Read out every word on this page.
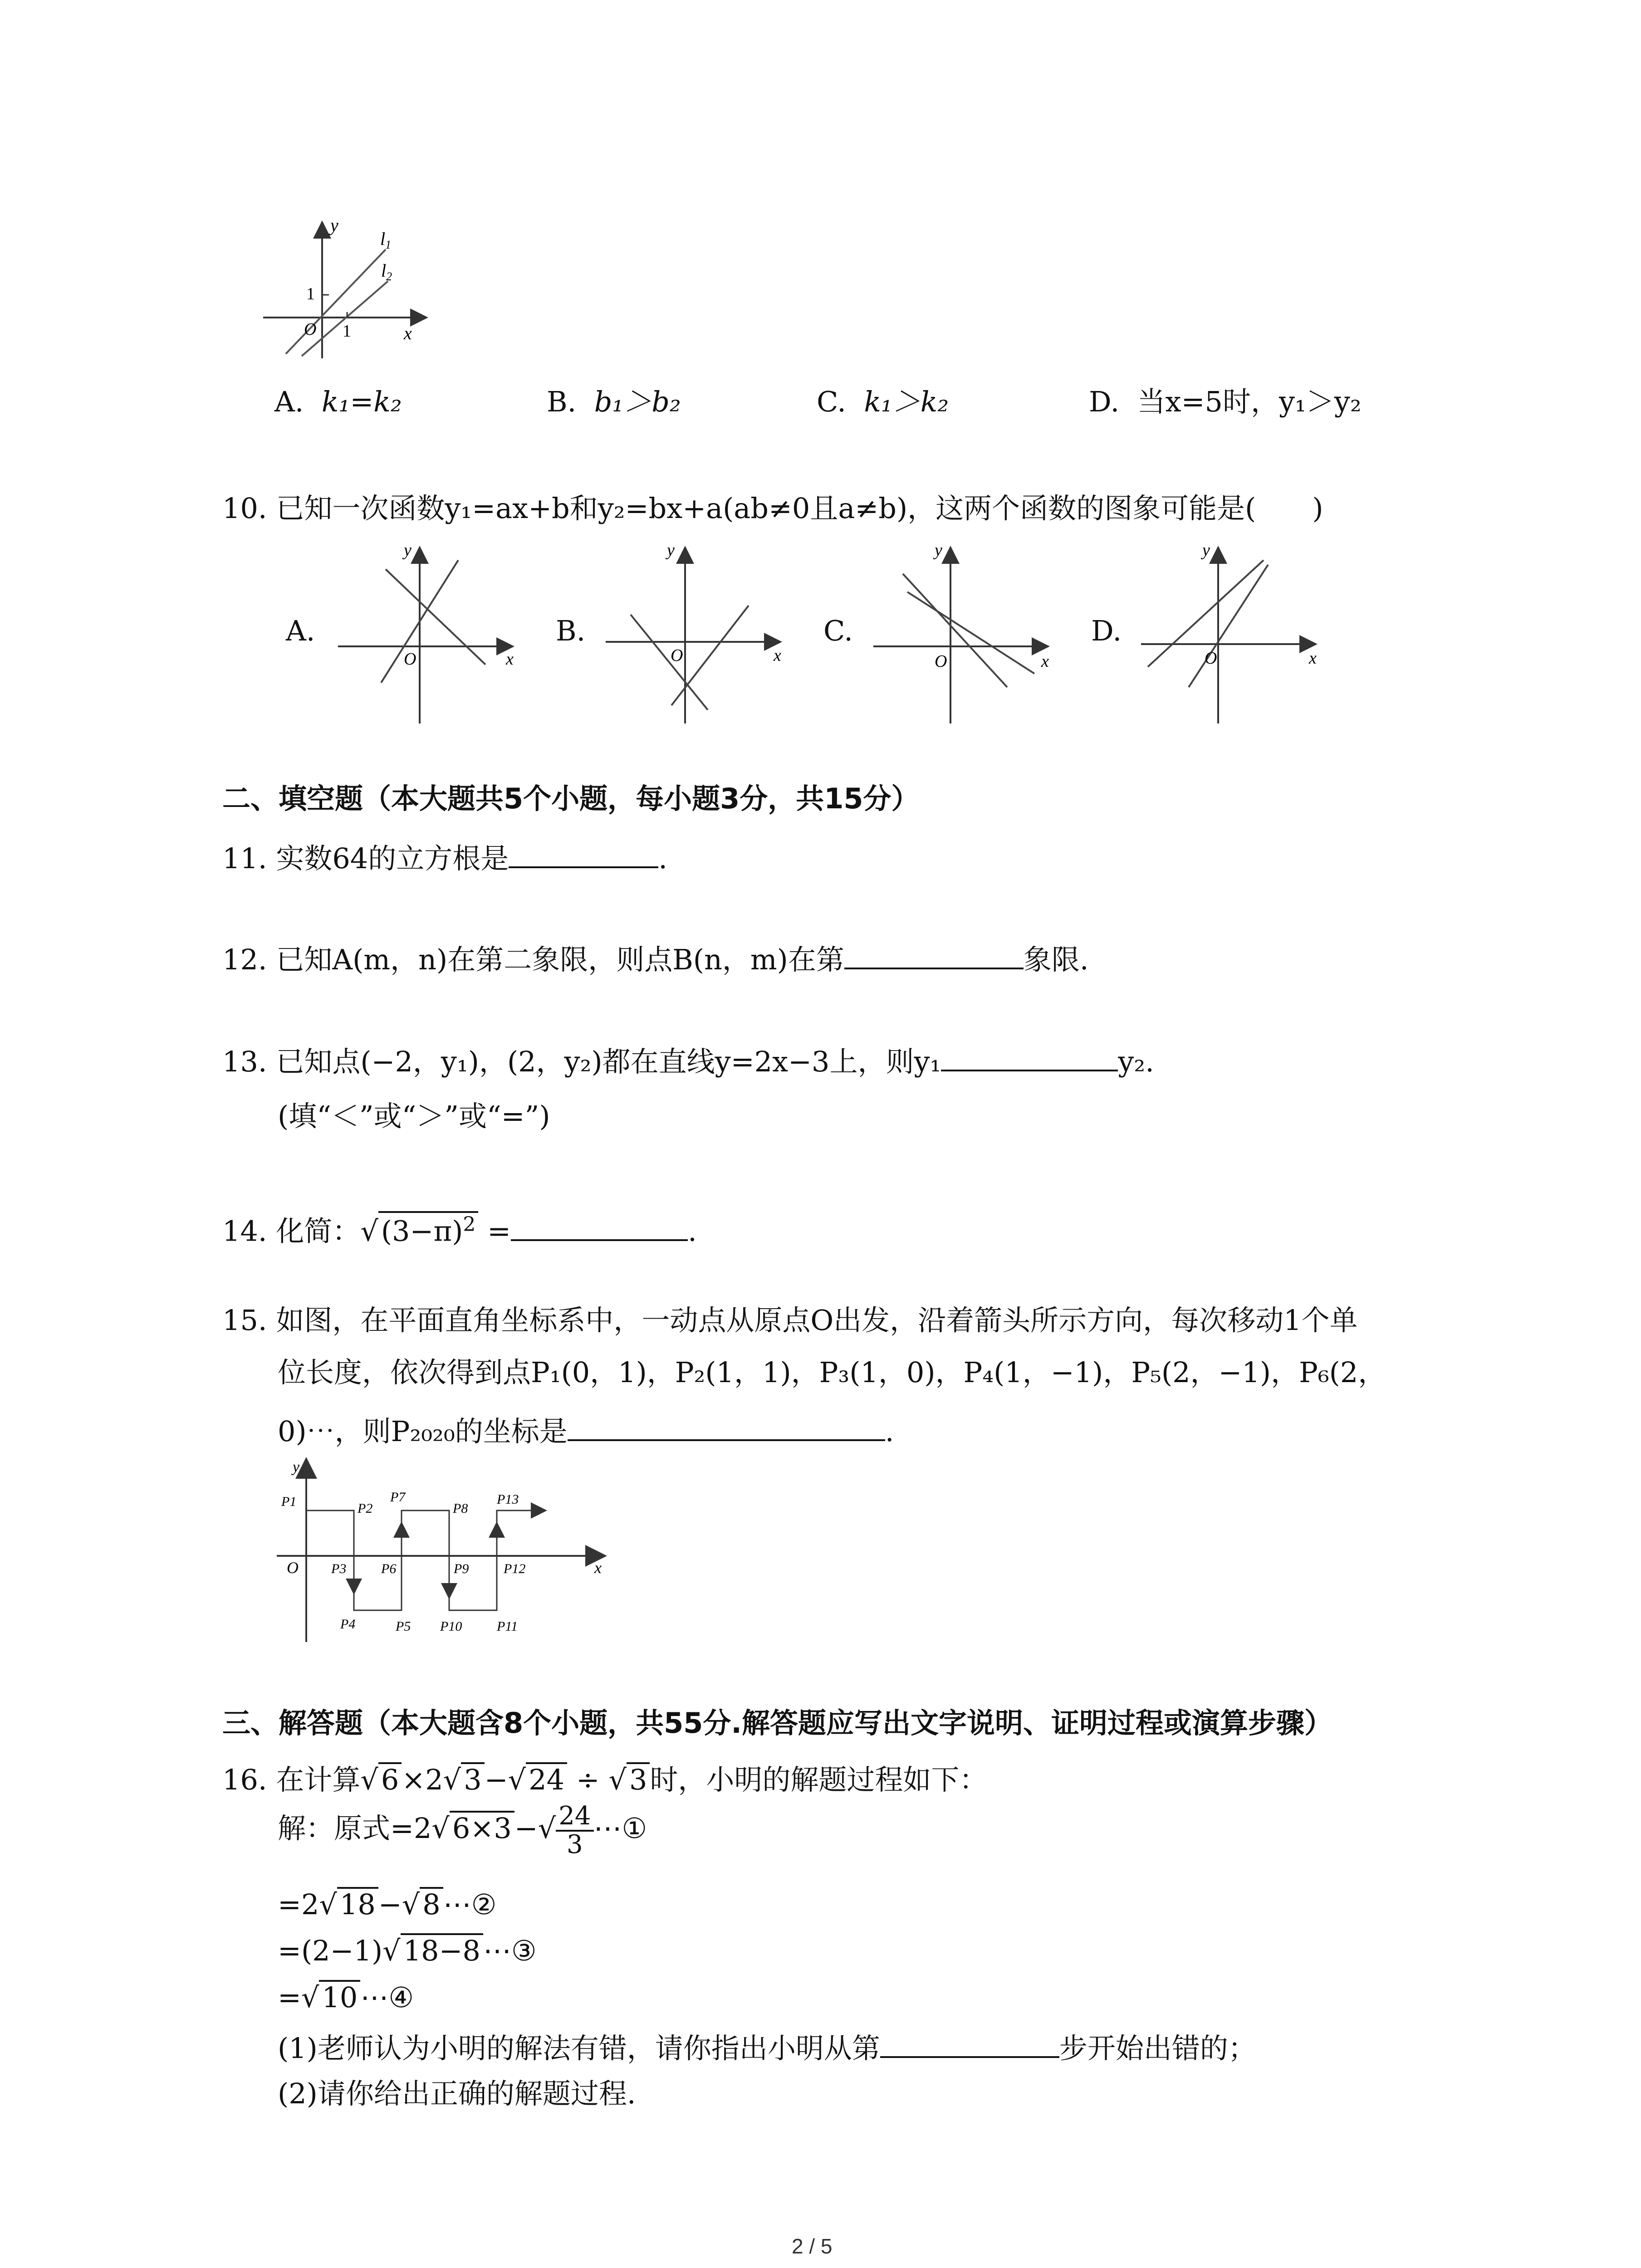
y
$l_1$
$l_2$
1
O 1	x
A. k₁=k₂	B. b₁＞b₂	C. k₁＞k₂	D. 当x=5时，y₁＞y₂
10. 已知一次函数y₁=ax+b和y₂=bx+a(ab≠0且a≠b)，这两个函数的图象可能是(　　)
A.	B.	C.	D.
y
O	x
y
O	x
y
O	x
y
O	x
二、填空题（本大题共5个小题，每小题3分，共15分）
11. 实数64的立方根是	.
12. 已知A(m，n)在第二象限，则点B(n，m)在第	象限.
13. 已知点(−2，y₁)，(2，y₂)都在直线y=2x−3上，则y₁	y₂.
(填“＜”或“＞”或“=”)
14. 化简：$√(3-\pi)^2$ =	.
15. 如图，在平面直角坐标系中，一动点从原点O出发，沿着箭头所示方向，每次移动1个单
位长度，依次得到点P₁(0，1)，P₂(1，1)，P₃(1，0)，P₄(1，−1)，P₅(2，−1)，P₆(2，
0)⋯，则P₂₀₂₀的坐标是	.
y
O	x
P1	P2
P3
P4	P5
P6
P7
P8
P9
P10	P11
P12
P13
三、解答题（本大题含8个小题，共55分.解答题应写出文字说明、证明过程或演算步骤）
16. 在计算√6×2√3−√24 ÷ √3时，小明的解题过程如下：
解：原式$=2√6\times 3-√ \frac{24}{3}$ ⋯①
=2√18−√8⋯②
=(2−1)√18−8⋯③
=√10⋯④
(1)老师认为小明的解法有错，请你指出小明从第	步开始出错的；
(2)请你给出正确的解题过程.
2 / 5
